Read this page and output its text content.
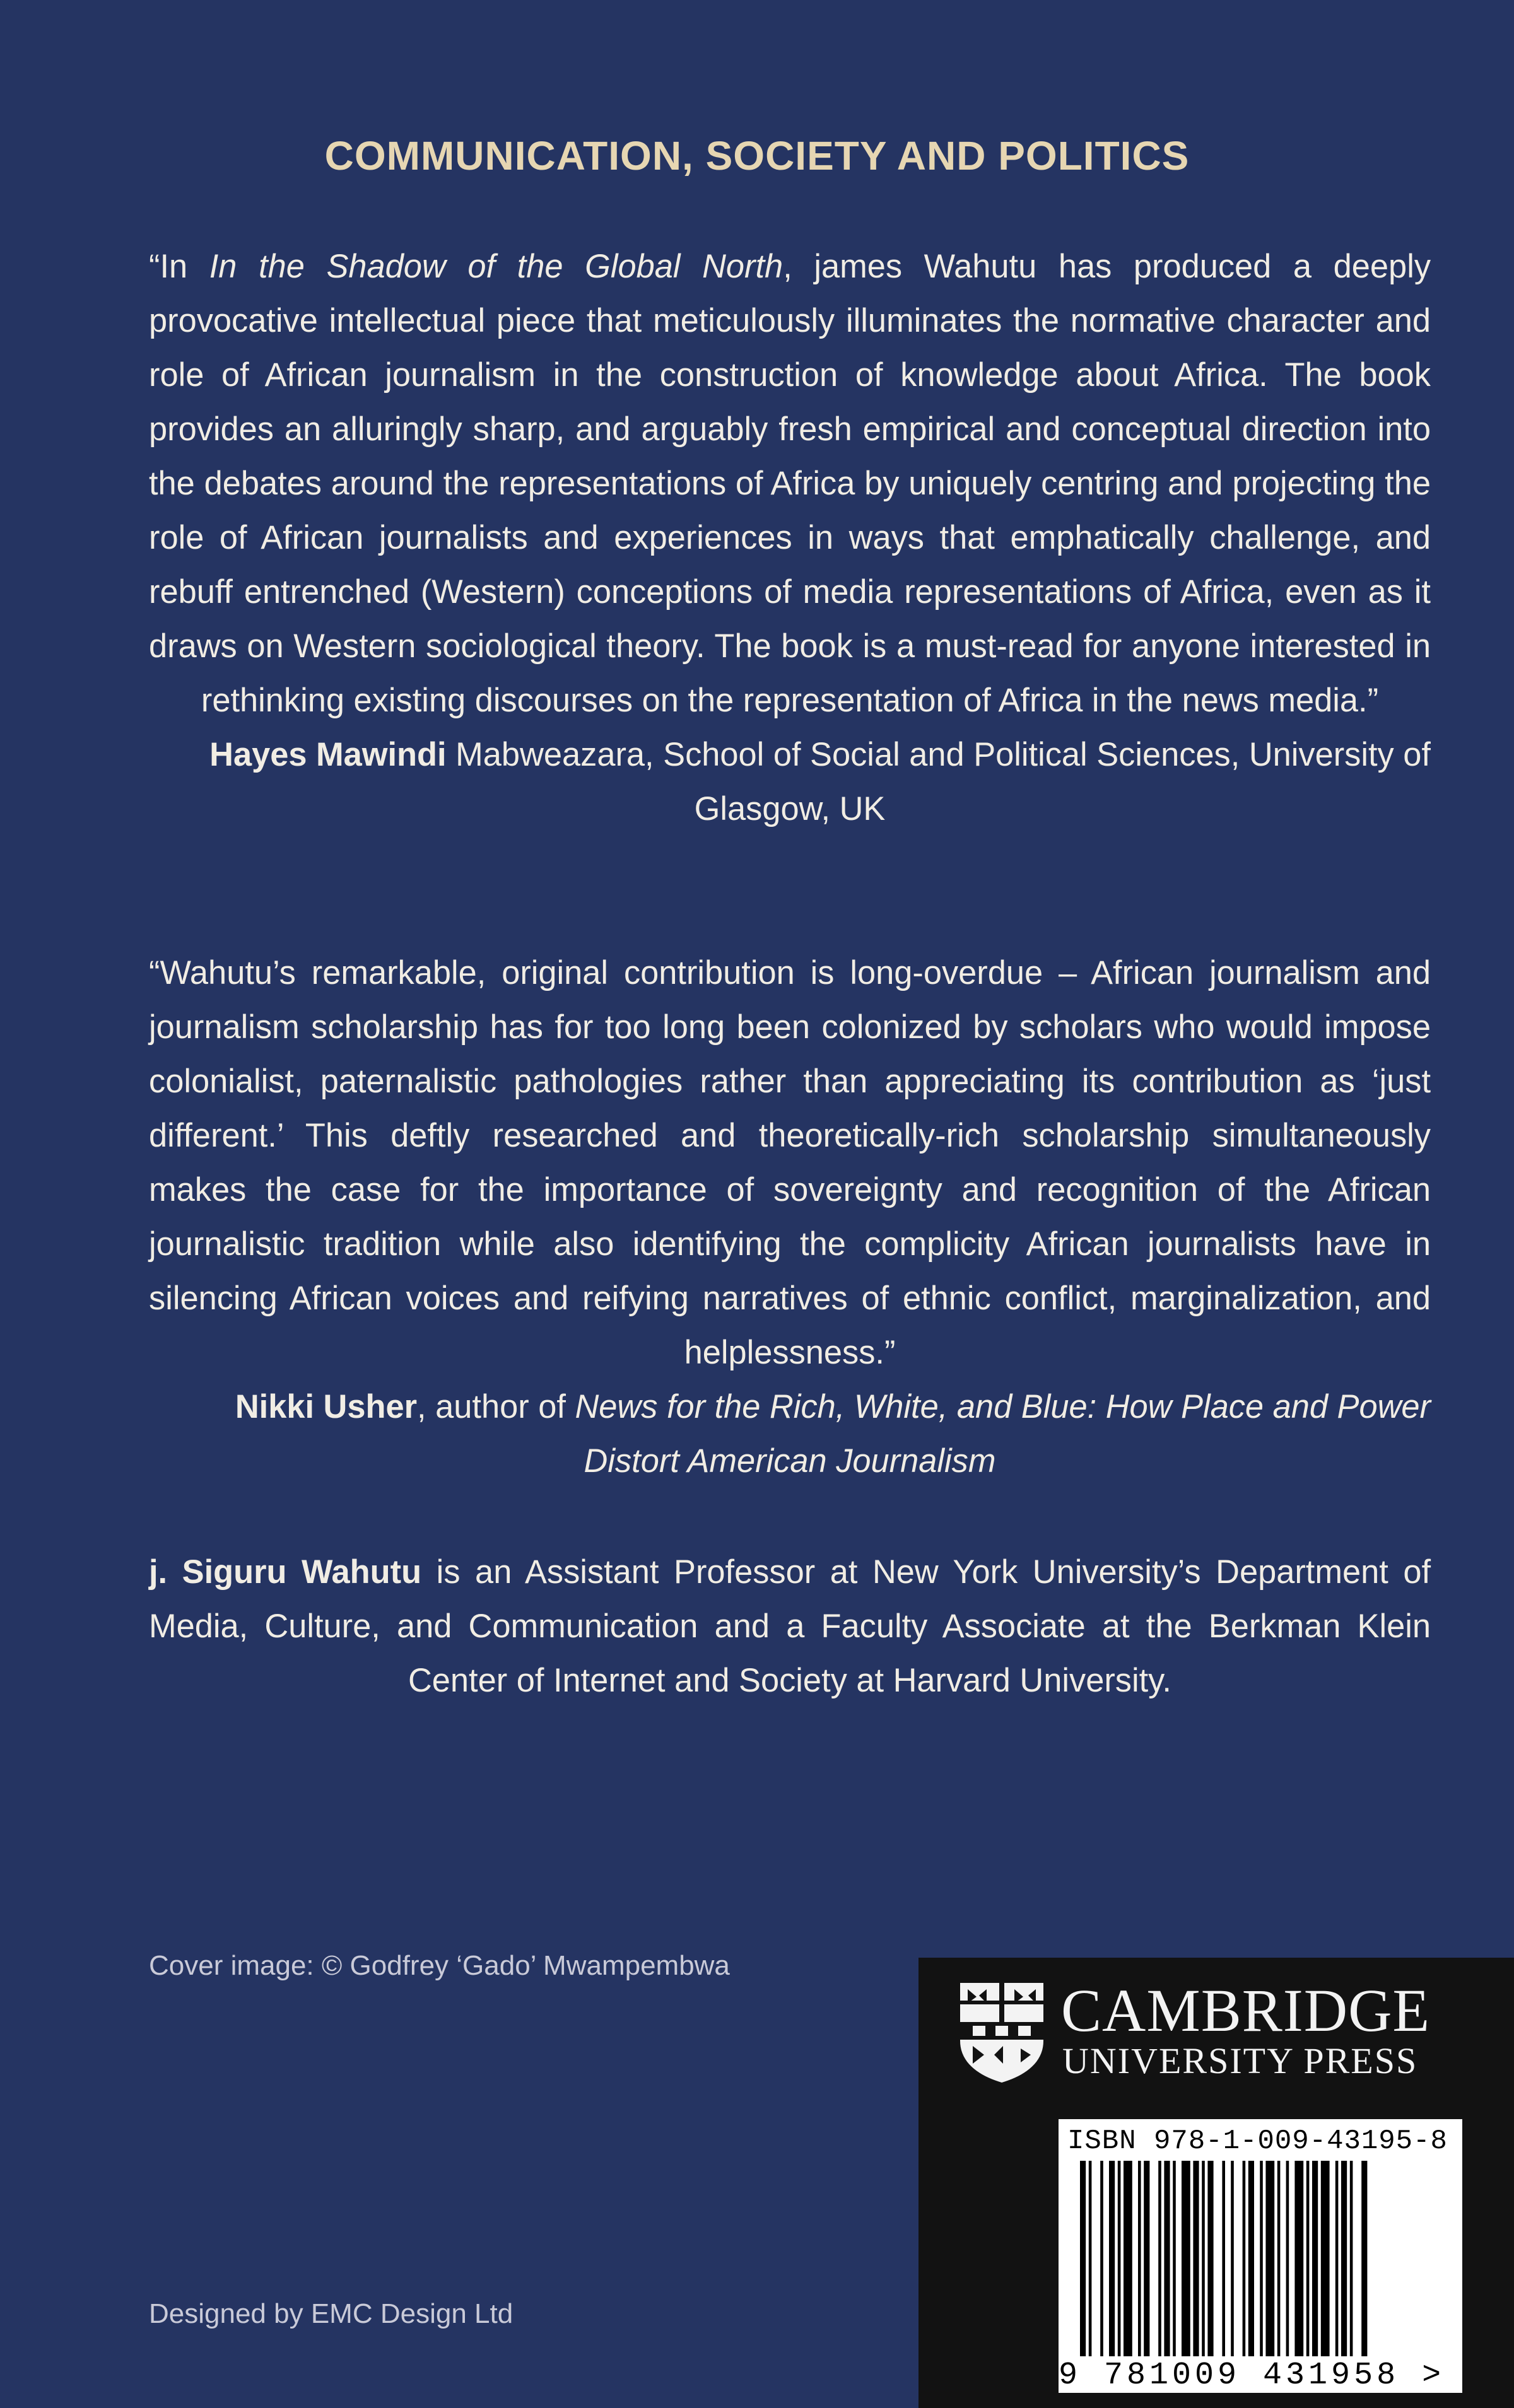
COMMUNICATION, SOCIETY AND POLITICS

“In In the Shadow of the Global North, james Wahutu has produced a deeply provocative intellectual piece that meticulously illuminates the normative character and role of African journalism in the construction of knowledge about Africa. The book provides an alluringly sharp, and arguably fresh empirical and conceptual direction into the debates around the representations of Africa by uniquely centring and projecting the role of African journalists and experiences in ways that emphatically challenge, and rebuff entrenched (Western) conceptions of media representations of Africa, even as it draws on Western sociological theory. The book is a must-read for anyone interested in rethinking existing discourses on the representation of Africa in the news media.”

Hayes Mawindi Mabweazara, School of Social and Political Sciences, University of Glasgow, UK

“Wahutu’s remarkable, original contribution is long-overdue – African journalism and journalism scholarship has for too long been colonized by scholars who would impose colonialist, paternalistic pathologies rather than appreciating its contribution as ‘just different.’ This deftly researched and theoretically-rich scholarship simultaneously makes the case for the importance of sovereignty and recognition of the African journalistic tradition while also identifying the complicity African journalists have in silencing African voices and reifying narratives of ethnic conflict, marginalization, and helplessness.”

Nikki Usher, author of News for the Rich, White, and Blue: How Place and Power Distort American Journalism

j. Siguru Wahutu is an Assistant Professor at New York University’s Department of Media, Culture, and Communication and a Faculty Associate at the Berkman Klein Center of Internet and Society at Harvard University.

Cover image: © Godfrey ‘Gado’ Mwampembwa
Designed by EMC Design Ltd
CAMBRIDGE
UNIVERSITY PRESS
ISBN 978-1-009-43195-8
9 781009 431958 >
